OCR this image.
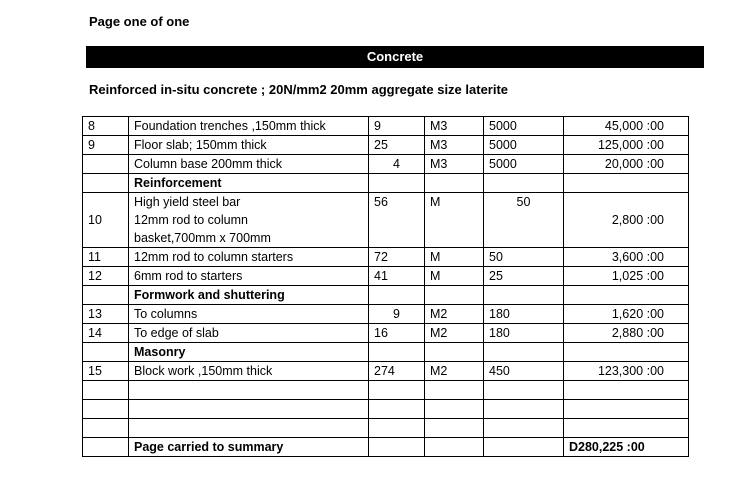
Page one of one
Concrete
Reinforced in-situ concrete ; 20N/mm2 20mm aggregate size laterite
8	Foundation trenches ,150mm thick	9	M3	5000	45,000 :00
9	Floor slab; 150mm thick	25	M3	5000	125,000 :00
	Column base 200mm thick	4	M3	5000	20,000 :00
	Reinforcement				
10	High yield steel bar
12mm rod to column
basket,700mm x 700mm	56	M	50	2,800 :00
11	12mm rod to column starters	72	M	50	3,600 :00
12	6mm rod to starters	41	M	25	1,025 :00
	Formwork and shuttering				
13	To columns	9	M2	180	1,620 :00
14	To edge of slab	16	M2	180	2,880 :00
	Masonry				
15	Block work ,150mm thick	274	M2	450	123,300 :00

	Page carried to summary				D280,225 :00
